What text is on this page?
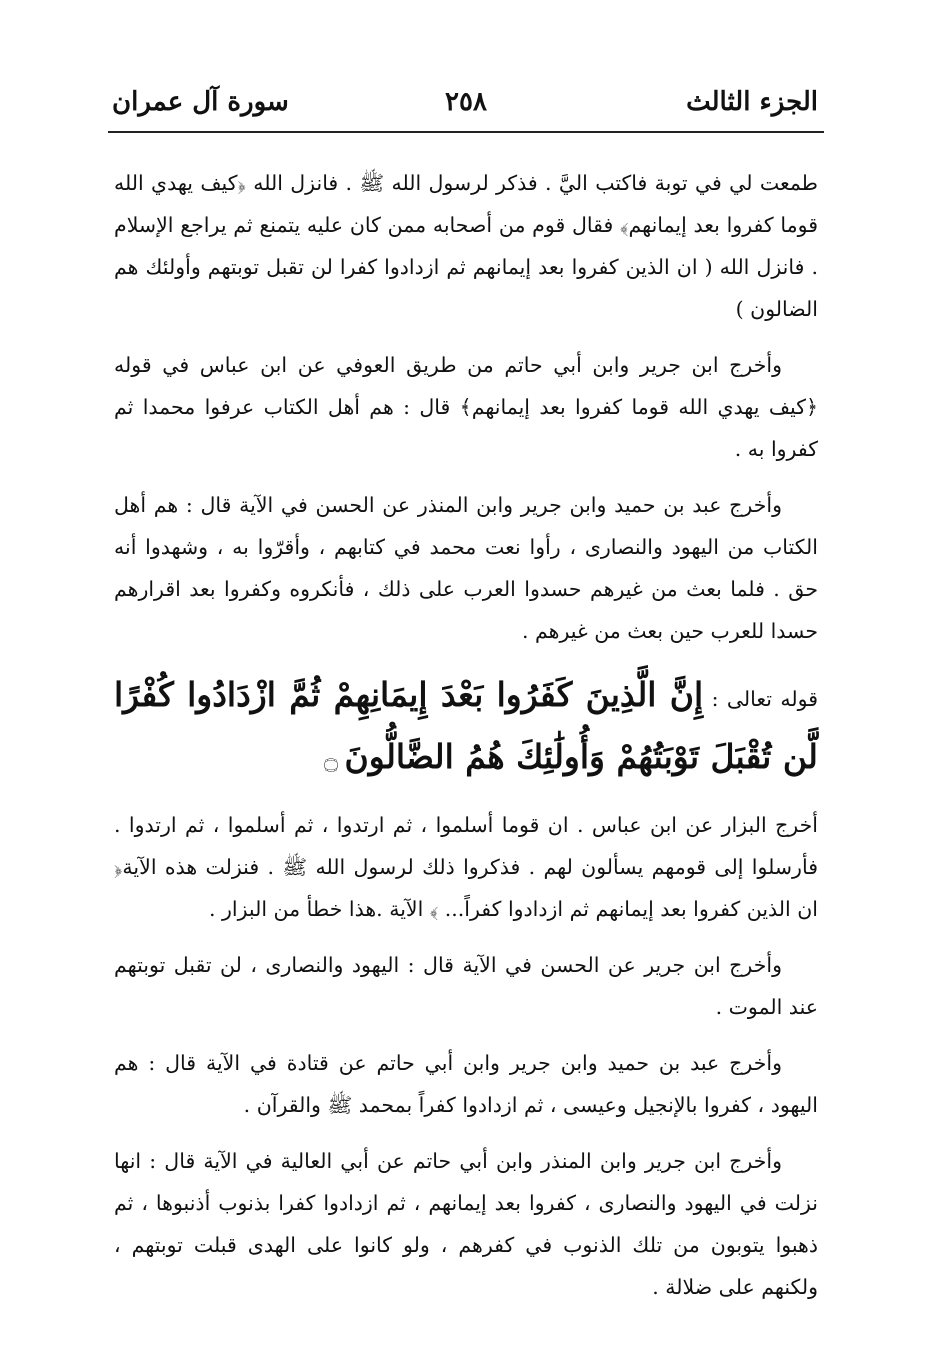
الجزء الثالث
٢٥٨
سورة آل عمران

طمعت لي في توبة فاكتب اليَّ . فذكر لرسول الله ﷺ . فانزل الله ﴿كيف يهدي الله قوما كفروا بعد إيمانهم﴾ فقال قوم من أصحابه ممن كان عليه يتمنع ثم يراجع الإسلام . فانزل الله ( ان الذين كفروا بعد إيمانهم ثم ازدادوا كفرا لن تقبل توبتهم وأولئك هم الضالون )

وأخرج ابن جرير وابن أبي حاتم من طريق العوفي عن ابن عباس في قوله ﴿كيف يهدي الله قوما كفروا بعد إيمانهم﴾ قال : هم أهل الكتاب عرفوا محمدا ثم كفروا به .

وأخرج عبد بن حميد وابن جرير وابن المنذر عن الحسن في الآية قال : هم أهل الكتاب من اليهود والنصارى ، رأوا نعت محمد في كتابهم ، وأقرّوا به ، وشهدوا أنه حق . فلما بعث من غيرهم حسدوا العرب على ذلك ، فأنكروه وكفروا بعد اقرارهم حسدا للعرب حين بعث من غيرهم .

قوله تعالى : إِنَّ الَّذِينَ كَفَرُوا بَعْدَ إِيمَانِهِمْ ثُمَّ ازْدَادُوا كُفْرًا لَّن تُقْبَلَ تَوْبَتُهُمْ وَأُولَٰئِكَ هُمُ الضَّالُّونَ ۝

أخرج البزار عن ابن عباس . ان قوما أسلموا ، ثم ارتدوا ، ثم أسلموا ، ثم ارتدوا . فأرسلوا إلى قومهم يسألون لهم . فذكروا ذلك لرسول الله ﷺ . فنزلت هذه الآية﴿ ان الذين كفروا بعد إيمانهم ثم ازدادوا كفراً... ﴾ الآية .هذا خطأ من البزار .

وأخرج ابن جرير عن الحسن في الآية قال : اليهود والنصارى ، لن تقبل توبتهم عند الموت .

وأخرج عبد بن حميد وابن جرير وابن أبي حاتم عن قتادة في الآية قال : هم اليهود ، كفروا بالإنجيل وعيسى ، ثم ازدادوا كفراً بمحمد ﷺ والقرآن .

وأخرج ابن جرير وابن المنذر وابن أبي حاتم عن أبي العالية في الآية قال : انها نزلت في اليهود والنصارى ، كفروا بعد إيمانهم ، ثم ازدادوا كفرا بذنوب أذنبوها ، ثم ذهبوا يتوبون من تلك الذنوب في كفرهم ، ولو كانوا على الهدى قبلت توبتهم ، ولكنهم على ضلالة .
